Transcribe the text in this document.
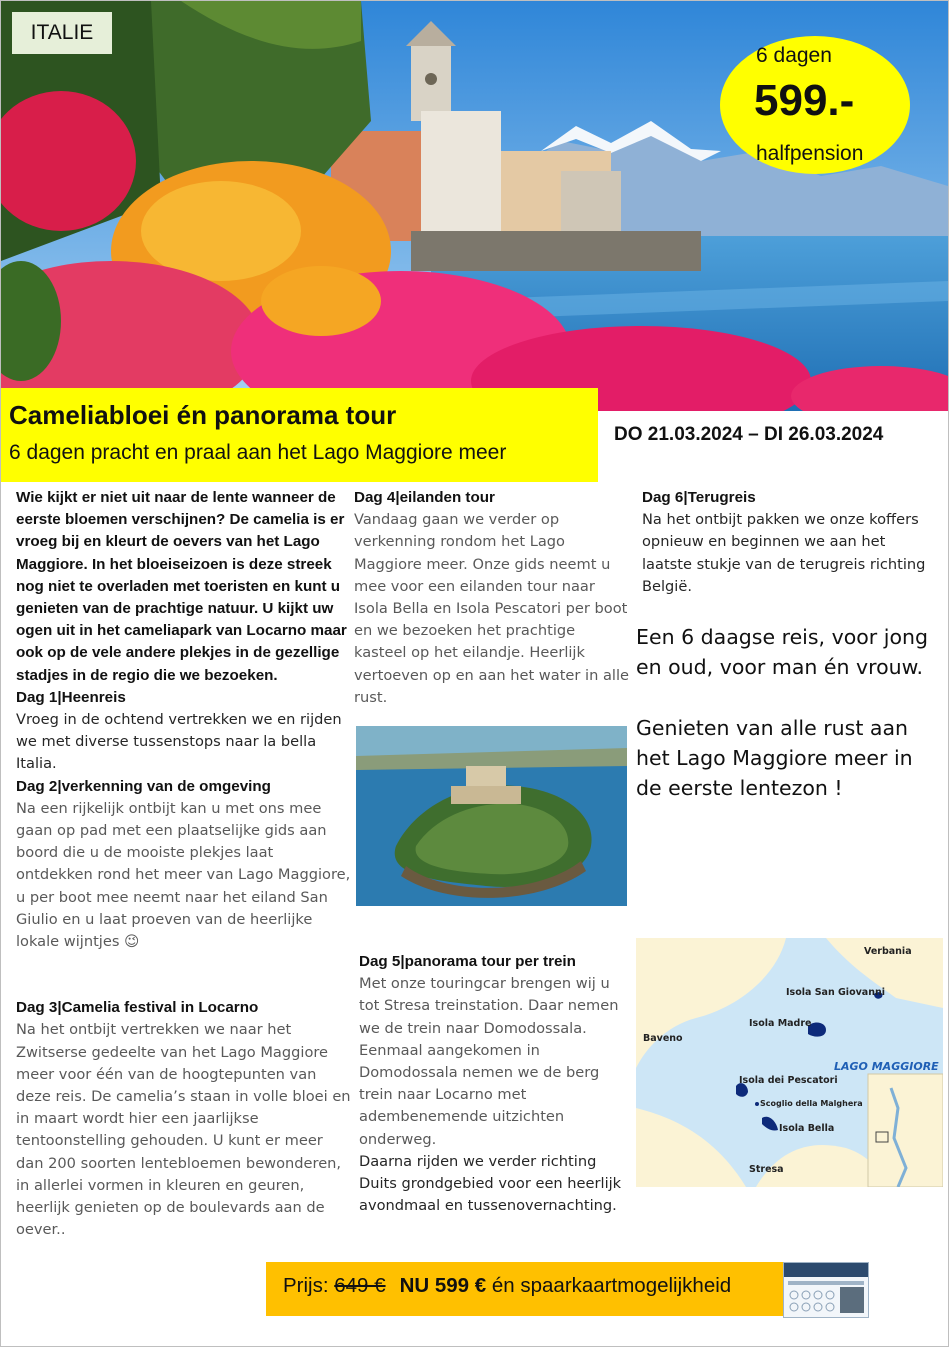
ITALIE
6 dagen
599.-
halfpension
Cameliabloei én panorama tour
6 dagen pracht en praal aan het Lago Maggiore meer
DO 21.03.2024 – DI 26.03.2024
Wie kijkt er niet uit naar de lente wanneer de eerste bloemen verschijnen? De camelia is er vroeg bij en kleurt de oevers van het Lago Maggiore. In het bloeiseizoen is deze streek nog niet te overladen met toeristen en kunt u genieten van de prachtige natuur. U kijkt uw ogen uit in het cameliapark van Locarno maar ook op de vele andere plekjes in de gezellige stadjes in de regio die we bezoeken.
Dag 1|Heenreis
Vroeg in de ochtend vertrekken we en rijden we met diverse tussenstops naar la bella Italia.
Dag 2|verkenning van de omgeving
Na een rijkelijk ontbijt kan u met ons mee gaan op pad met een plaatselijke gids aan boord die u de mooiste plekjes laat ontdekken rond het meer van Lago Maggiore, u per boot mee neemt naar het eiland San Giulio en u laat proeven van de heerlijke lokale wijntjes 😉
Dag 3|Camelia festival in Locarno
Na het ontbijt vertrekken we naar het Zwitserse gedeelte van het Lago Maggiore meer voor één van de hoogtepunten van deze reis. De camelia’s staan in volle bloei en in maart wordt hier een jaarlijkse tentoonstelling gehouden. U kunt er meer dan 200 soorten lentebloemen bewonderen, in allerlei vormen in kleuren en geuren, heerlijk genieten op de boulevards aan de oever..
Dag 4|eilanden tour
Vandaag gaan we verder op verkenning rondom het Lago Maggiore meer. Onze gids neemt u mee voor een eilanden tour naar Isola Bella en Isola Pescatori per boot en we bezoeken het prachtige kasteel op het eilandje. Heerlijk vertoeven op en aan het water in alle rust.
Dag 5|panorama tour per trein
Met onze touringcar brengen wij u tot Stresa treinstation. Daar nemen we de trein naar Domodossala. Eenmaal aangekomen in Domodossala nemen we de berg trein naar Locarno met adembenemende uitzichten onderweg.
Daarna rijden we verder richting Duits grondgebied voor een heerlijk avondmaal en tussenovernachting.
Dag 6|Terugreis
Na het ontbijt pakken we onze koffers opnieuw en beginnen we aan het laatste stukje van de terugreis richting België.
Een 6 daagse reis, voor jong en oud, voor man én vrouw.
Genieten van alle rust aan het Lago Maggiore meer in de eerste lentezon !
Verbania
Isola San Giovanni
Isola Madre
Baveno
LAGO MAGGIORE
Isola dei Pescatori
Scoglio della Malghera
Isola Bella
Stresa
Prijs: 649 € NU 599 € én spaarkaartmogelijkheid
